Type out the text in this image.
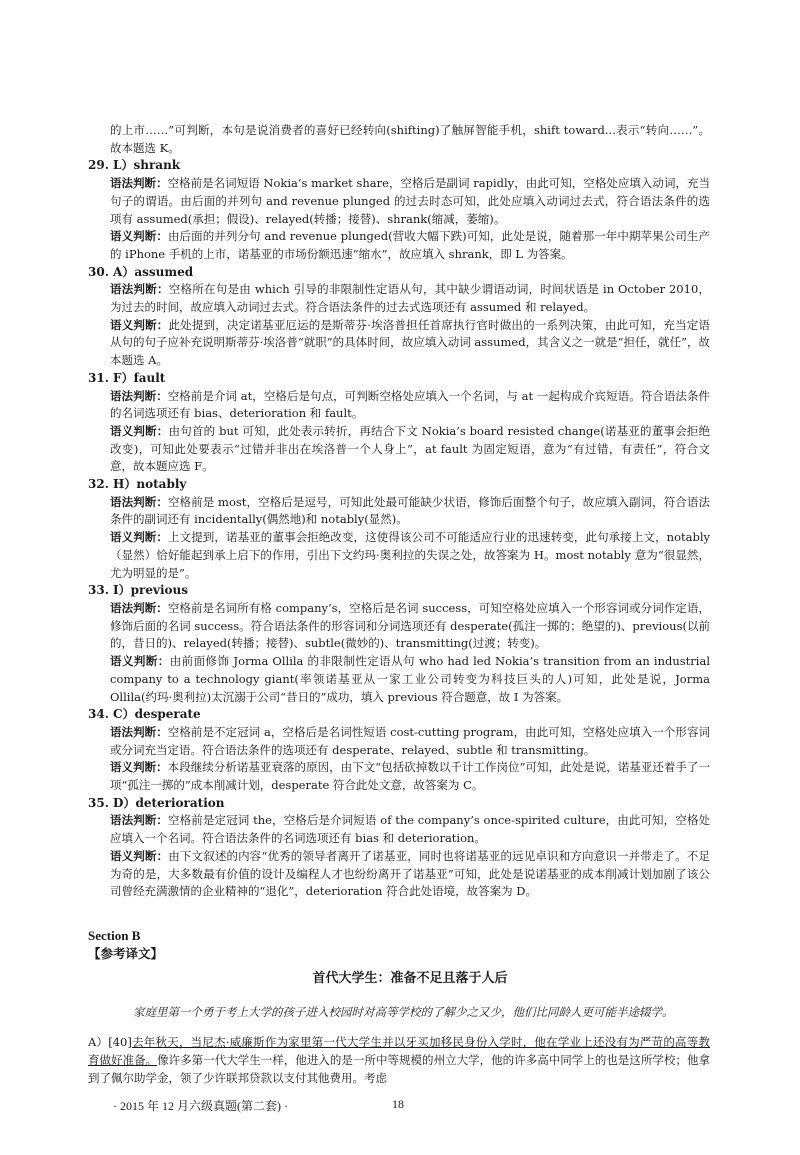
的上市……”可判断，本句是说消费者的喜好已经转向(shifting)了触屏智能手机，shift toward...表示“转向……”。故本题选 K。

29. L）shrank

语法判断：空格前是名词短语 Nokia’s market share，空格后是副词 rapidly，由此可知，空格处应填入动词，充当句子的谓语。由后面的并列句 and revenue plunged 的过去时态可知，此处应填入动词过去式，符合语法条件的选项有 assumed(承担；假设)、relayed(转播；接替)、shrank(缩减，萎缩)。

语义判断：由后面的并列分句 and revenue plunged(营收大幅下跌)可知，此处是说，随着那一年中期苹果公司生产的 iPhone 手机的上市，诺基亚的市场份额迅速“缩水”，故应填入 shrank，即 L 为答案。

30. A）assumed

语法判断：空格所在句是由 which 引导的非限制性定语从句，其中缺少谓语动词，时间状语是 in October 2010，为过去的时间，故应填入动词过去式。符合语法条件的过去式选项还有 assumed 和 relayed。

语义判断：此处提到，决定诺基亚厄运的是斯蒂芬·埃洛普担任首席执行官时做出的一系列决策，由此可知，充当定语从句的句子应补充说明斯蒂芬·埃洛普“就职”的具体时间，故应填入动词 assumed，其含义之一就是“担任，就任”，故本题选 A。

31. F）fault

语法判断：空格前是介词 at，空格后是句点，可判断空格处应填入一个名词，与 at 一起构成介宾短语。符合语法条件的名词选项还有 bias、deterioration 和 fault。

语义判断：由句首的 but 可知，此处表示转折，再结合下文 Nokia’s board resisted change(诺基亚的董事会拒绝改变)，可知此处要表示“过错并非出在埃洛普一个人身上”，at fault 为固定短语，意为“有过错，有责任”，符合文意，故本题应选 F。

32. H）notably

语法判断：空格前是 most，空格后是逗号，可知此处最可能缺少状语，修饰后面整个句子，故应填入副词，符合语法条件的副词还有 incidentally(偶然地)和 notably(显然)。

语义判断：上文提到，诺基亚的董事会拒绝改变，这使得该公司不可能适应行业的迅速转变，此句承接上文，notably（显然）恰好能起到承上启下的作用，引出下文约玛·奥利拉的失误之处，故答案为 H。most notably 意为“很显然，尤为明显的是”。

33. I）previous

语法判断：空格前是名词所有格 company’s，空格后是名词 success，可知空格处应填入一个形容词或分词作定语，修饰后面的名词 success。符合语法条件的形容词和分词选项还有 desperate(孤注一掷的；绝望的)、previous(以前的，昔日的)、relayed(转播；接替)、subtle(微妙的)、transmitting(过渡；转变)。

语义判断：由前面修饰 Jorma Ollila 的非限制性定语从句 who had led Nokia’s transition from an industrial company to a technology giant(率领诺基亚从一家工业公司转变为科技巨头的人)可知，此处是说，Jorma Ollila(约玛·奥利拉)太沉溺于公司“昔日的”成功，填入 previous 符合题意，故 I 为答案。

34. C）desperate

语法判断：空格前是不定冠词 a，空格后是名词性短语 cost-cutting program，由此可知，空格处应填入一个形容词或分词充当定语。符合语法条件的选项还有 desperate、relayed、subtle 和 transmitting。

语义判断：本段继续分析诺基亚衰落的原因，由下文“包括砍掉数以千计工作岗位”可知，此处是说，诺基亚还着手了一项“孤注一掷的”成本削减计划，desperate 符合此处文意，故答案为 C。

35. D）deterioration

语法判断：空格前是定冠词 the，空格后是介词短语 of the company’s once-spirited culture，由此可知，空格处应填入一个名词。符合语法条件的名词选项还有 bias 和 deterioration。

语义判断：由下文叙述的内容“优秀的领导者离开了诺基亚，同时也将诺基亚的远见卓识和方向意识一并带走了。不足为奇的是，大多数最有价值的设计及编程人才也纷纷离开了诺基亚”可知，此处是说诺基亚的成本削减计划加剧了该公司曾经充满激情的企业精神的“退化”，deterioration 符合此处语境，故答案为 D。

Section B

【参考译文】

首代大学生：准备不足且落于人后

家庭里第一个勇于考上大学的孩子进入校园时对高等学校的了解少之又少，他们比同龄人更可能半途辍学。

A）[40]去年秋天，当尼杰·威廉斯作为家里第一代大学生并以牙买加移民身份入学时，他在学业上还没有为严苛的高等教育做好准备。像许多第一代大学生一样，他进入的是一所中等规模的州立大学，他的许多高中同学上的也是这所学校；他拿到了佩尔助学金，领了少许联邦贷款以支付其他费用。考虑

· 2015 年 12 月六级真题(第二套) ·	18
